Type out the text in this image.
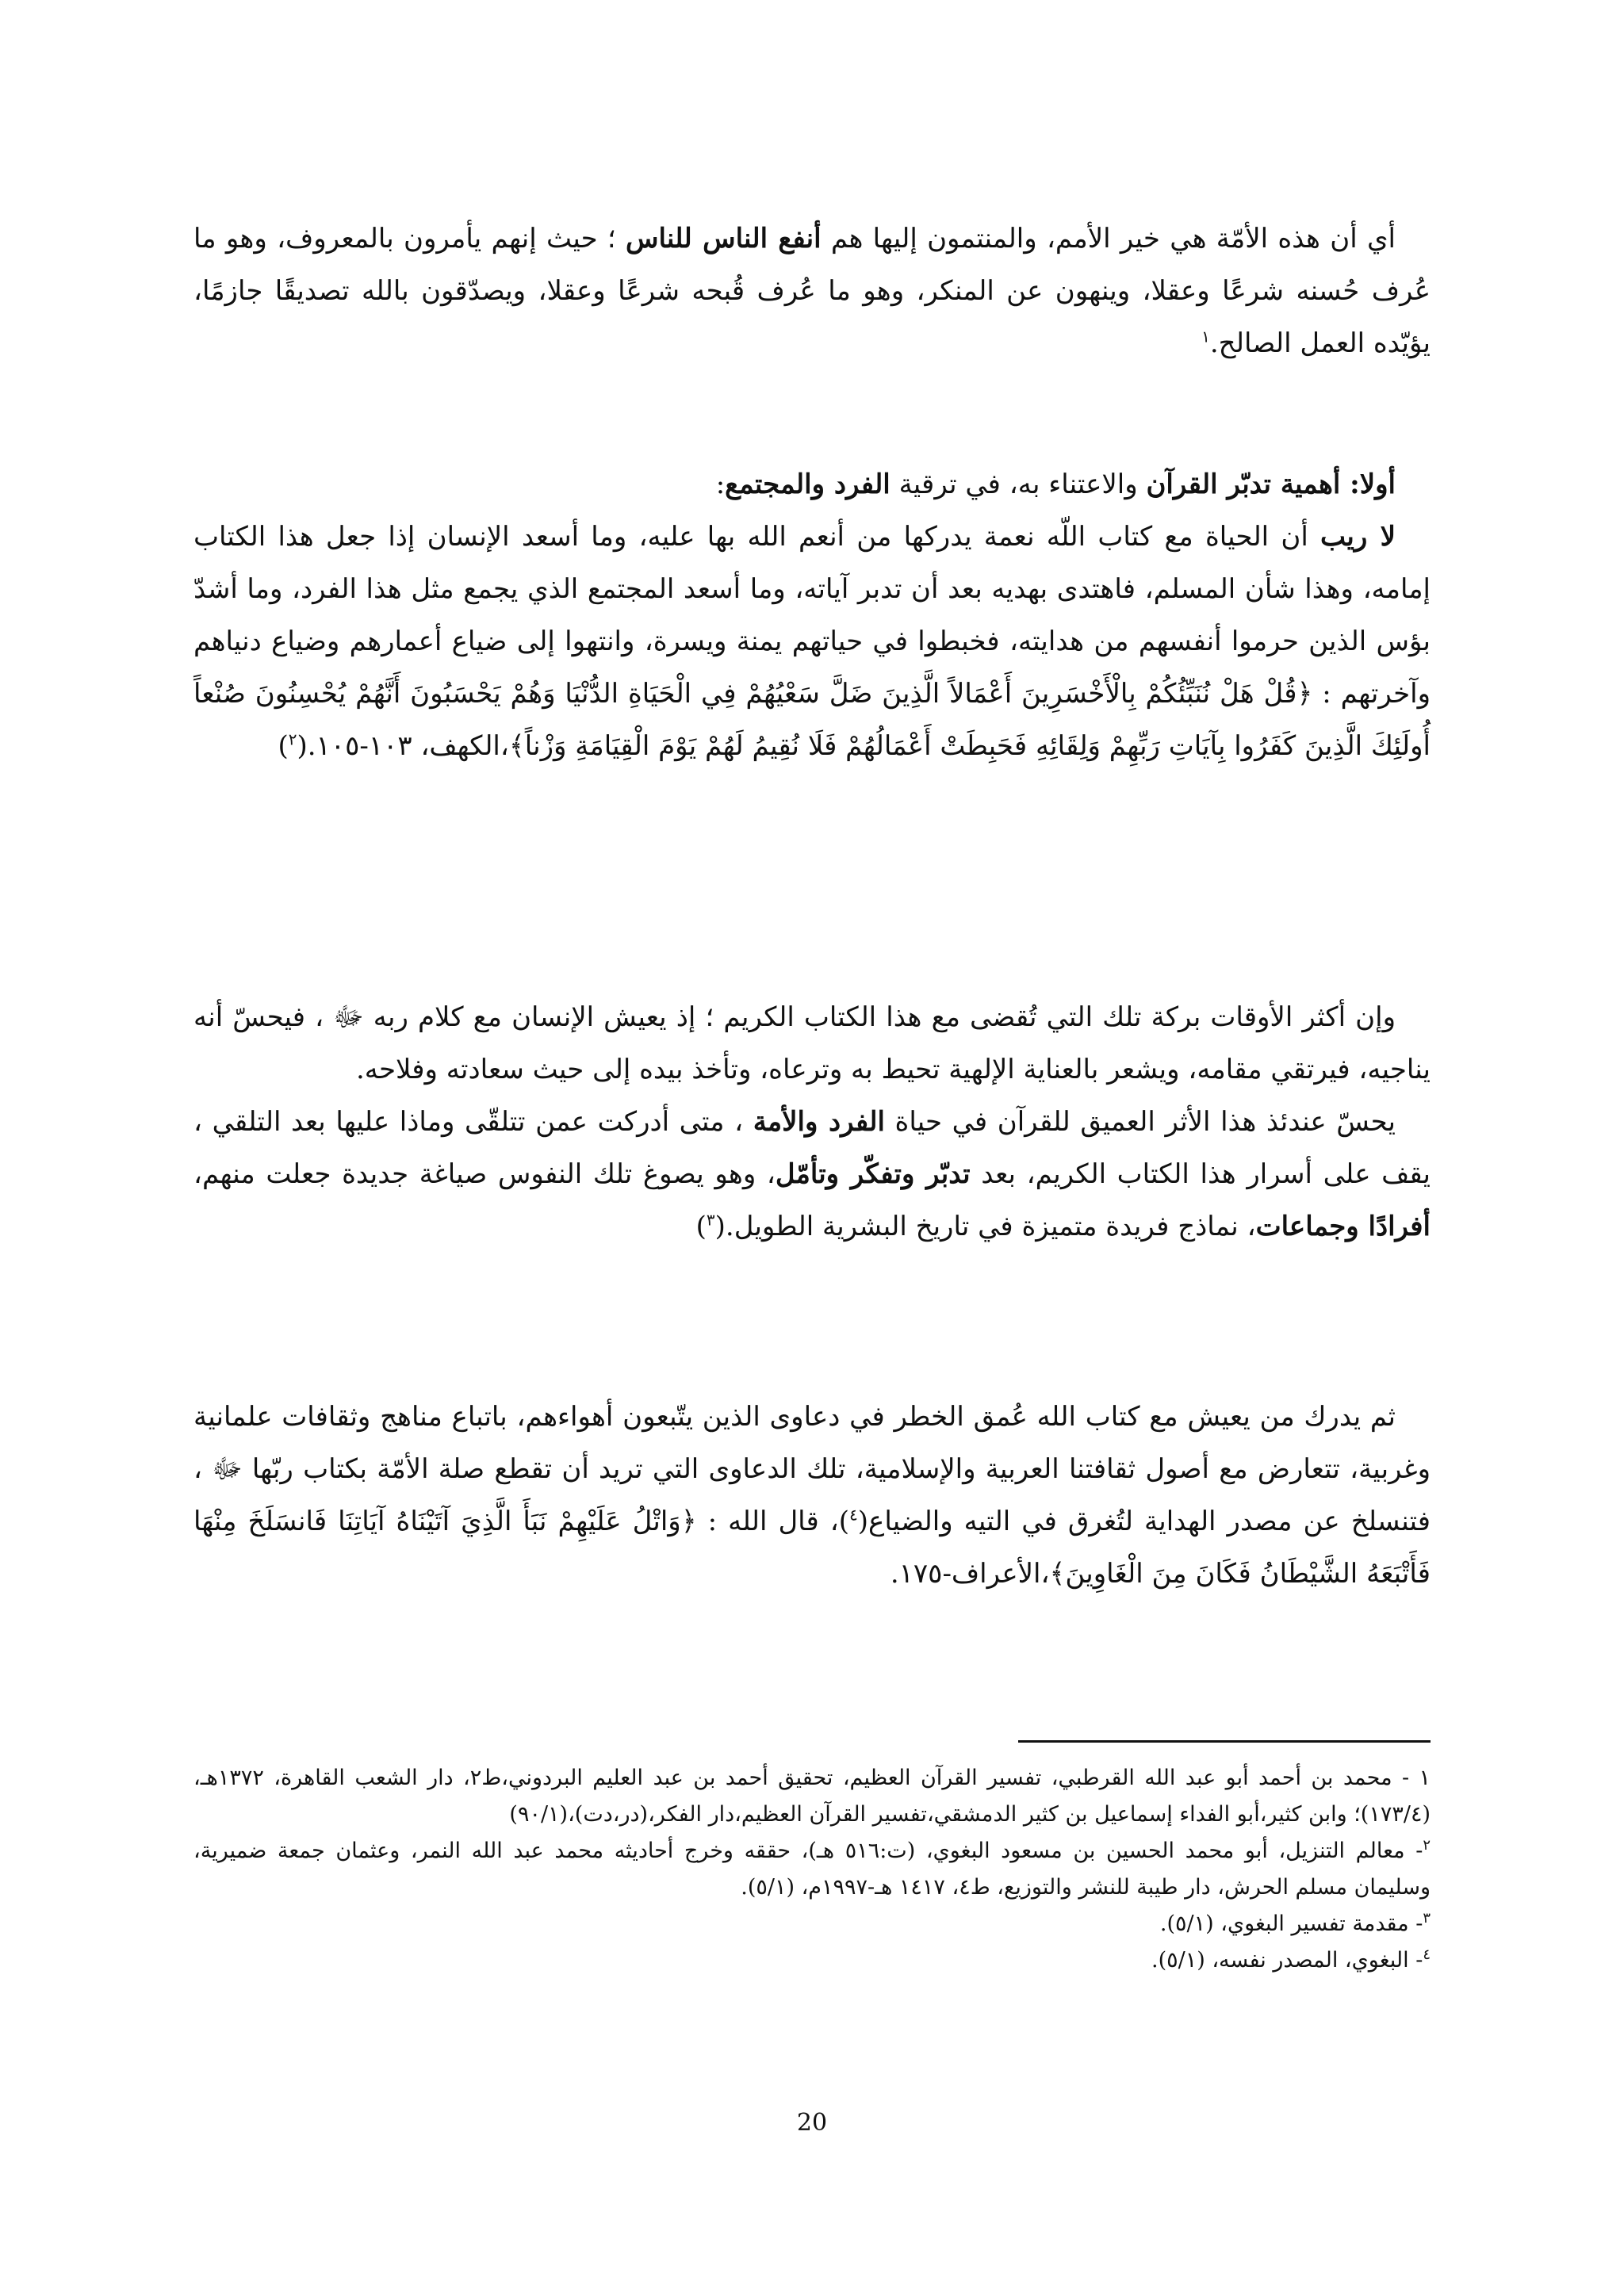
أي أن هذه الأمّة هي خير الأمم، والمنتمون إليها هم أنفع الناس للناس ؛ حيث إنهم يأمرون بالمعروف، وهو ما عُرف حُسنه شرعًا وعقلا، وينهون عن المنكر، وهو ما عُرف قُبحه شرعًا وعقلا، ويصدّقون بالله تصديقًا جازمًا، يؤيّده العمل الصالح.$^١$

أولا: أهمية تدبّر القرآن والاعتناء به، في ترقية الفرد والمجتمع:

لا ريب أن الحياة مع كتاب اللّه نعمة يدركها من أنعم الله بها عليه، وما أسعد الإنسان إذا جعل هذا الكتاب إمامه، وهذا شأن المسلم، فاهتدى بهديه بعد أن تدبر آياته، وما أسعد المجتمع الذي يجمع مثل هذا الفرد، وما أشدّ بؤس الذين حرموا أنفسهم من هدايته، فخبطوا في حياتهم يمنة ويسرة، وانتهوا إلى ضياع أعمارهم وضياع دنياهم وآخرتهم : ﴿قُلْ هَلْ نُنَبِّئُكُمْ بِالْأَخْسَرِينَ أَعْمَالاً الَّذِينَ ضَلَّ سَعْيُهُمْ فِي الْحَيَاةِ الدُّنْيَا وَهُمْ يَحْسَبُونَ أَنَّهُمْ يُحْسِنُونَ صُنْعاً أُولَئِكَ الَّذِينَ كَفَرُوا بِآيَاتِ رَبِّهِمْ وَلِقَائِهِ فَحَبِطَتْ أَعْمَالُهُمْ فَلَا نُقِيمُ لَهُمْ يَوْمَ الْقِيَامَةِ وَزْناً﴾،الكهف، ١٠٣-١٠٥.($^٢$)

وإن أكثر الأوقات بركة تلك التي تُقضى مع هذا الكتاب الكريم ؛ إذ يعيش الإنسان مع كلام ربه ﷻ ، فيحسّ أنه يناجيه، فيرتقي مقامه، ويشعر بالعناية الإلهية تحيط به وترعاه، وتأخذ بيده إلى حيث سعادته وفلاحه.

يحسّ عندئذ هذا الأثر العميق للقرآن في حياة الفرد والأمة ، متى أدركت عمن تتلقّى وماذا عليها بعد التلقي ، يقف على أسرار هذا الكتاب الكريم، بعد تدبّر وتفكّر وتأمّل، وهو يصوغ تلك النفوس صياغة جديدة جعلت منهم، أفرادًا وجماعات، نماذج فريدة متميزة في تاريخ البشرية الطويل.($^٣$)

ثم يدرك من يعيش مع كتاب الله عُمق الخطر في دعاوى الذين يتّبعون أهواءهم، باتباع مناهج وثقافات علمانية وغربية، تتعارض مع أصول ثقافتنا العربية والإسلامية، تلك الدعاوى التي تريد أن تقطع صلة الأمّة بكتاب ربّها ﷻ ، فتنسلخ عن مصدر الهداية لتُغرق في التيه والضياع($^٤$)، قال الله : ﴿وَاتْلُ عَلَيْهِمْ نَبَأَ الَّذِيَ آتَيْنَاهُ آيَاتِنَا فَانسَلَخَ مِنْهَا فَأَتْبَعَهُ الشَّيْطَانُ فَكَانَ مِنَ الْغَاوِينَ﴾،الأعراف-١٧٥.

١ - محمد بن أحمد أبو عبد الله القرطبي، تفسير القرآن العظيم، تحقيق أحمد بن عبد العليم البردوني،ط٢، دار الشعب القاهرة، ١٣٧٢هـ،(١٧٣/٤)؛ وابن كثير،أبو الفداء إسماعيل بن كثير الدمشقي،تفسير القرآن العظيم،دار الفكر،(در،دت)،(٩٠/١)

$^٢$- معالم التنزيل، أبو محمد الحسين بن مسعود البغوي، (ت:٥١٦ هـ)، حققه وخرج أحاديثه محمد عبد الله النمر، وعثمان جمعة ضميرية، وسليمان مسلم الحرش، دار طيبة للنشر والتوزيع، ط٤، ١٤١٧ هـ-١٩٩٧م، (٥/١).

$^٣$- مقدمة تفسير البغوي، (٥/١).

$^٤$- البغوي، المصدر نفسه، (٥/١).

20
